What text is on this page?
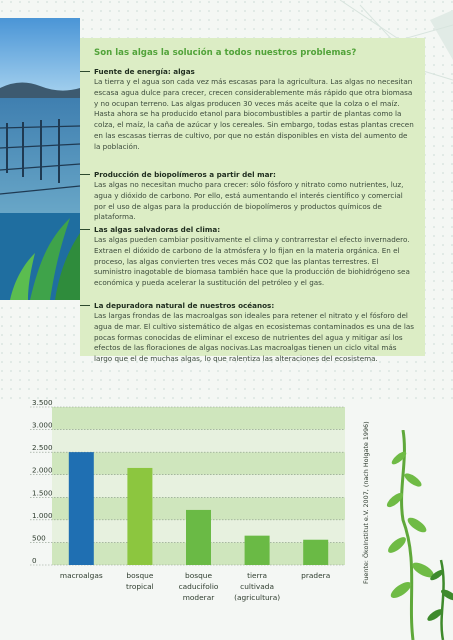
Son las algas la solución a todos nuestros problemas?
Fuente de energía: algas

La tierra y el agua son cada vez más escasas para la agricultura. Las algas no necesitan escasa agua dulce para crecer, crecen considerablemente más rápido que otra biomasa y no ocupan terreno. Las algas producen 30 veces más aceite que la colza o el maíz. Hasta ahora se ha producido etanol para biocombustibles a partir de plantas como la colza, el maíz, la caña de azúcar y los cereales. Sin embargo, todas estas plantas crecen en las escasas tierras de cultivo, por que no están disponibles en vista del aumento de la población.

Producción de biopolímeros a partir del mar:

Las algas no necesitan mucho para crecer: sólo fósforo y nitrato como nutrientes, luz, agua y dióxido de carbono. Por ello, está aumentando el interés científico y comercial por el uso de algas para la producción de biopolímeros y productos químicos de plataforma.

Las algas salvadoras del clima:

Las algas pueden cambiar positivamente el clima y contrarrestar el efecto invernadero. Extraen el dióxido de carbono de la atmósfera y lo fijan en la materia orgánica. En el proceso, las algas convierten tres veces más CO2 que las plantas terrestres. El suministro inagotable de biomasa también hace que la producción de biohidrógeno sea económica y pueda acelerar la sustitución del petróleo y el gas.

La depuradora natural de nuestros océanos:

Las largas frondas de las macroalgas son ideales para retener el nitrato y el fósforo del agua de mar. El cultivo sistemático de algas en ecosistemas contaminados es una de las pocas formas conocidas de eliminar el exceso de nutrientes del agua y mitigar así los efectos de las floraciones de algas nocivas.Las macroalgas tienen un ciclo vital más largo que el de muchas algas, lo que ralentiza las alteraciones del ecosistema.

3.500
3.000
2.500
2.000
1.500
1.000
500
0
macroalgas	bosque
tropical
bosque
caducifolio
moderar
tierra
cultivada
(agricultura)
pradera	Fuente: Ökolnstitut e.V. 2007, (nach Holgate 1996)
